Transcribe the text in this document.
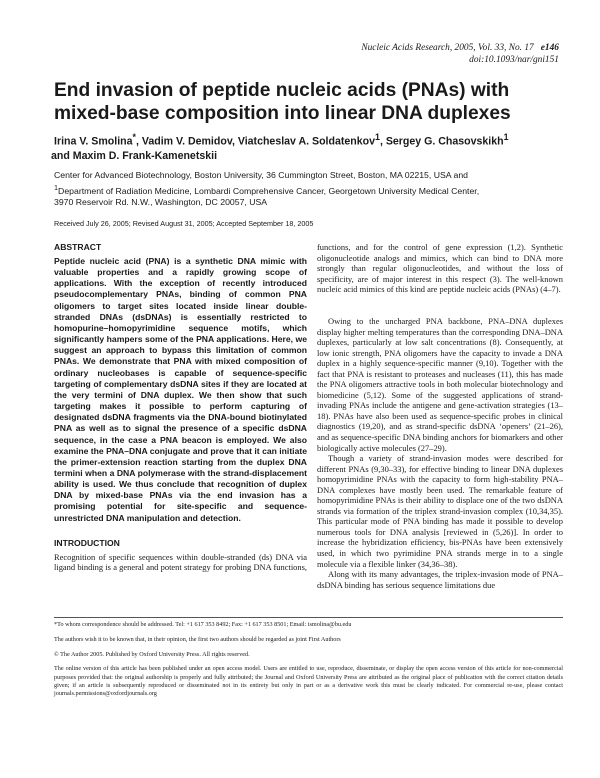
Nucleic Acids Research, 2005, Vol. 33, No. 17 e146
doi:10.1093/nar/gni151
End invasion of peptide nucleic acids (PNAs) with mixed-base composition into linear DNA duplexes
Irina V. Smolina*, Vadim V. Demidov, Viatcheslav A. Soldatenkov$^1$, Sergey G. Chasovskikh$^1$
and Maxim D. Frank-Kamenetskii
Center for Advanced Biotechnology, Boston University, 36 Cummington Street, Boston, MA 02215, USA and
$^1$Department of Radiation Medicine, Lombardi Comprehensive Cancer, Georgetown University Medical Center,
3970 Reservoir Rd. N.W., Washington, DC 20057, USA
Received July 26, 2005; Revised August 31, 2005; Accepted September 18, 2005
ABSTRACT

Peptide nucleic acid (PNA) is a synthetic DNA mimic with valuable properties and a rapidly growing scope of applications. With the exception of recently introduced pseudocomplementary PNAs, binding of common PNA oligomers to target sites located inside linear double-stranded DNAs (dsDNAs) is essentially restricted to homopurine–homopyrimidine sequence motifs, which significantly hampers some of the PNA applications. Here, we suggest an approach to bypass this limitation of common PNAs. We demonstrate that PNA with mixed composition of ordinary nucleobases is capable of sequence-specific targeting of complementary dsDNA sites if they are located at the very termini of DNA duplex. We then show that such targeting makes it possible to perform capturing of designated dsDNA fragments via the DNA-bound biotinylated PNA as well as to signal the presence of a specific dsDNA sequence, in the case a PNA beacon is employed. We also examine the PNA–DNA conjugate and prove that it can initiate the primer-extension reaction starting from the duplex DNA termini when a DNA polymerase with the strand-displacement ability is used. We thus conclude that recognition of duplex DNA by mixed-base PNAs via the end invasion has a promising potential for site-specific and sequence-unrestricted DNA manipulation and detection.

INTRODUCTION

Recognition of specific sequences within double-stranded (ds) DNA via ligand binding is a general and potent strategy for probing DNA functions,

functions, and for the control of gene expression (1,2). Synthetic oligonucleotide analogs and mimics, which can bind to DNA more strongly than regular oligonucleotides, and without the loss of specificity, are of major interest in this respect (3). The well-known nucleic acid mimics of this kind are peptide nucleic acids (PNAs) (4–7).

Owing to the uncharged PNA backbone, PNA–DNA duplexes display higher melting temperatures than the corresponding DNA–DNA duplexes, particularly at low salt concentrations (8). Consequently, at low ionic strength, PNA oligomers have the capacity to invade a DNA duplex in a highly sequence-specific manner (9,10). Together with the fact that PNA is resistant to proteases and nucleases (11), this has made the PNA oligomers attractive tools in both molecular biotechnology and biomedicine (5,12). Some of the suggested applications of strand-invading PNAs include the antigene and gene-activation strategies (13–18). PNAs have also been used as sequence-specific probes in clinical diagnostics (19,20), and as strand-specific dsDNA ‘openers’ (21–26), and as sequence-specific DNA binding anchors for biomarkers and other biologically active molecules (27–29).

Though a variety of strand-invasion modes were described for different PNAs (9,30–33), for effective binding to linear DNA duplexes homopyrimidine PNAs with the capacity to form high-stability PNA–DNA complexes have mostly been used. The remarkable feature of homopyrimidine PNAs is their ability to displace one of the two dsDNA strands via formation of the triplex strand-invasion complex (10,34,35). This particular mode of PNA binding has made it possible to develop numerous tools for DNA analysis [reviewed in (5,26)]. In order to increase the hybridization efficiency, bis-PNAs have been extensively used, in which two pyrimidine PNA strands merge in to a single molecule via a flexible linker (34,36–38).

Along with its many advantages, the triplex-invasion mode of PNA–dsDNA binding has serious sequence limitations due

*To whom correspondence should be addressed. Tel: +1 617 353 8492; Fax: +1 617 353 8501; Email: ismolina@bu.edu

The authors wish it to be known that, in their opinion, the first two authors should be regarded as joint First Authors

© The Author 2005. Published by Oxford University Press. All rights reserved.

The online version of this article has been published under an open access model. Users are entitled to use, reproduce, disseminate, or display the open access version of this article for non-commercial purposes provided that: the original authorship is properly and fully attributed; the Journal and Oxford University Press are attributed as the original place of publication with the correct citation details given; if an article is subsequently reproduced or disseminated not in its entirety but only in part or as a derivative work this must be clearly indicated. For commercial re-use, please contact journals.permissions@oxfordjournals.org
